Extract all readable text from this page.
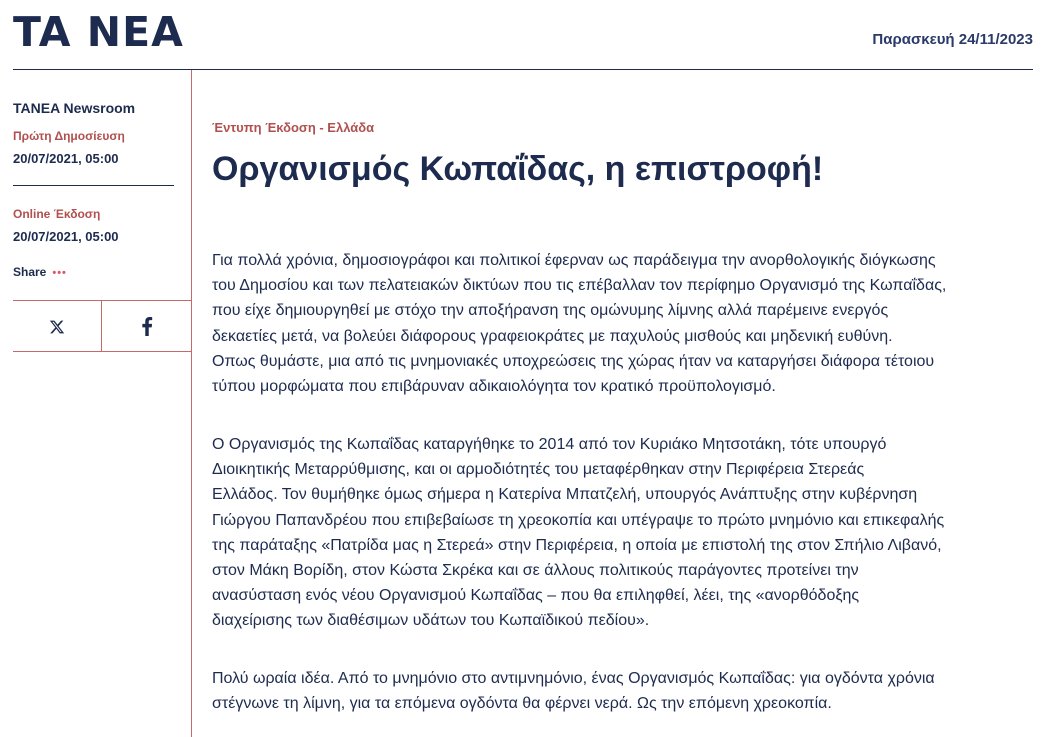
TA NEA	Παρασκευή 24/11/2023
TANEA Newsroom
Πρώτη Δημοσίευση
20/07/2021, 05:00
Online Έκδοση
20/07/2021, 05:00
Share •••
Έντυπη Έκδοση - Ελλάδα
Οργανισμός Κωπαΐδας, η επιστροφή!
Για πολλά χρόνια, δημοσιογράφοι και πολιτικοί έφερναν ως παράδειγμα την ανορθολογικής διόγκωσης
του Δημοσίου και των πελατειακών δικτύων που τις επέβαλλαν τον περίφημο Οργανισμό της Κωπαΐδας,
που είχε δημιουργηθεί με στόχο την αποξήρανση της ομώνυμης λίμνης αλλά παρέμεινε ενεργός
δεκαετίες μετά, να βολεύει διάφορους γραφειοκράτες με παχυλούς μισθούς και μηδενική ευθύνη.
Οπως θυμάστε, μια από τις μνημονιακές υποχρεώσεις της χώρας ήταν να καταργήσει διάφορα τέτοιου
τύπου μορφώματα που επιβάρυναν αδικαιολόγητα τον κρατικό προϋπολογισμό.
Ο Οργανισμός της Κωπαΐδας καταργήθηκε το 2014 από τον Κυριάκο Μητσοτάκη, τότε υπουργό
Διοικητικής Μεταρρύθμισης, και οι αρμοδιότητές του μεταφέρθηκαν στην Περιφέρεια Στερεάς
Ελλάδος. Τον θυμήθηκε όμως σήμερα η Κατερίνα Μπατζελή, υπουργός Ανάπτυξης στην κυβέρνηση
Γιώργου Παπανδρέου που επιβεβαίωσε τη χρεοκοπία και υπέγραψε το πρώτο μνημόνιο και επικεφαλής
της παράταξης «Πατρίδα μας η Στερεά» στην Περιφέρεια, η οποία με επιστολή της στον Σπήλιο Λιβανό,
στον Μάκη Βορίδη, στον Κώστα Σκρέκα και σε άλλους πολιτικούς παράγοντες προτείνει την
ανασύσταση ενός νέου Οργανισμού Κωπαΐδας – που θα επιληφθεί, λέει, της «ανορθόδοξης
διαχείρισης των διαθέσιμων υδάτων του Κωπαϊδικού πεδίου».
Πολύ ωραία ιδέα. Από το μνημόνιο στο αντιμνημόνιο, ένας Οργανισμός Κωπαΐδας: για ογδόντα χρόνια
στέγνωνε τη λίμνη, για τα επόμενα ογδόντα θα φέρνει νερά. Ως την επόμενη χρεοκοπία.
